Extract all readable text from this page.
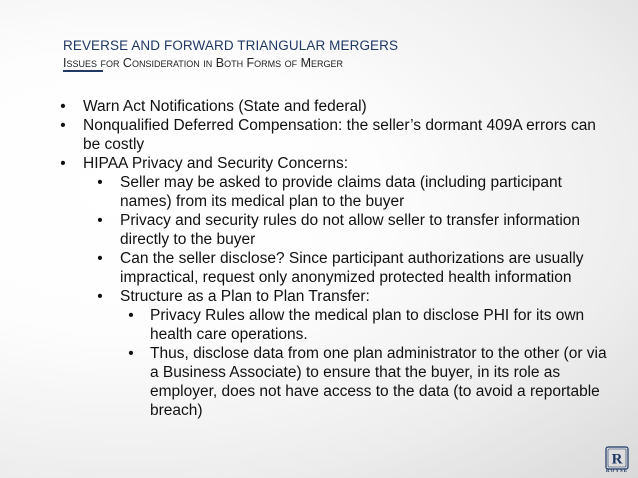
REVERSE AND FORWARD TRIANGULAR MERGERS
Issues for Consideration in Both Forms of Merger
• Warn Act Notifications (State and federal)
• Nonqualified Deferred Compensation: the seller’s dormant 409A errors can be costly
• HIPAA Privacy and Security Concerns:
• Seller may be asked to provide claims data (including participant names) from its medical plan to the buyer
• Privacy and security rules do not allow seller to transfer information directly to the buyer
• Can the seller disclose? Since participant authorizations are usually impractical, request only anonymized protected health information
• Structure as a Plan to Plan Transfer:
• Privacy Rules allow the medical plan to disclose PHI for its own health care operations.
• Thus, disclose data from one plan administrator to the other (or via a Business Associate) to ensure that the buyer, in its role as employer, does not have access to the data (to avoid a reportable breach)
R
ROYSE
